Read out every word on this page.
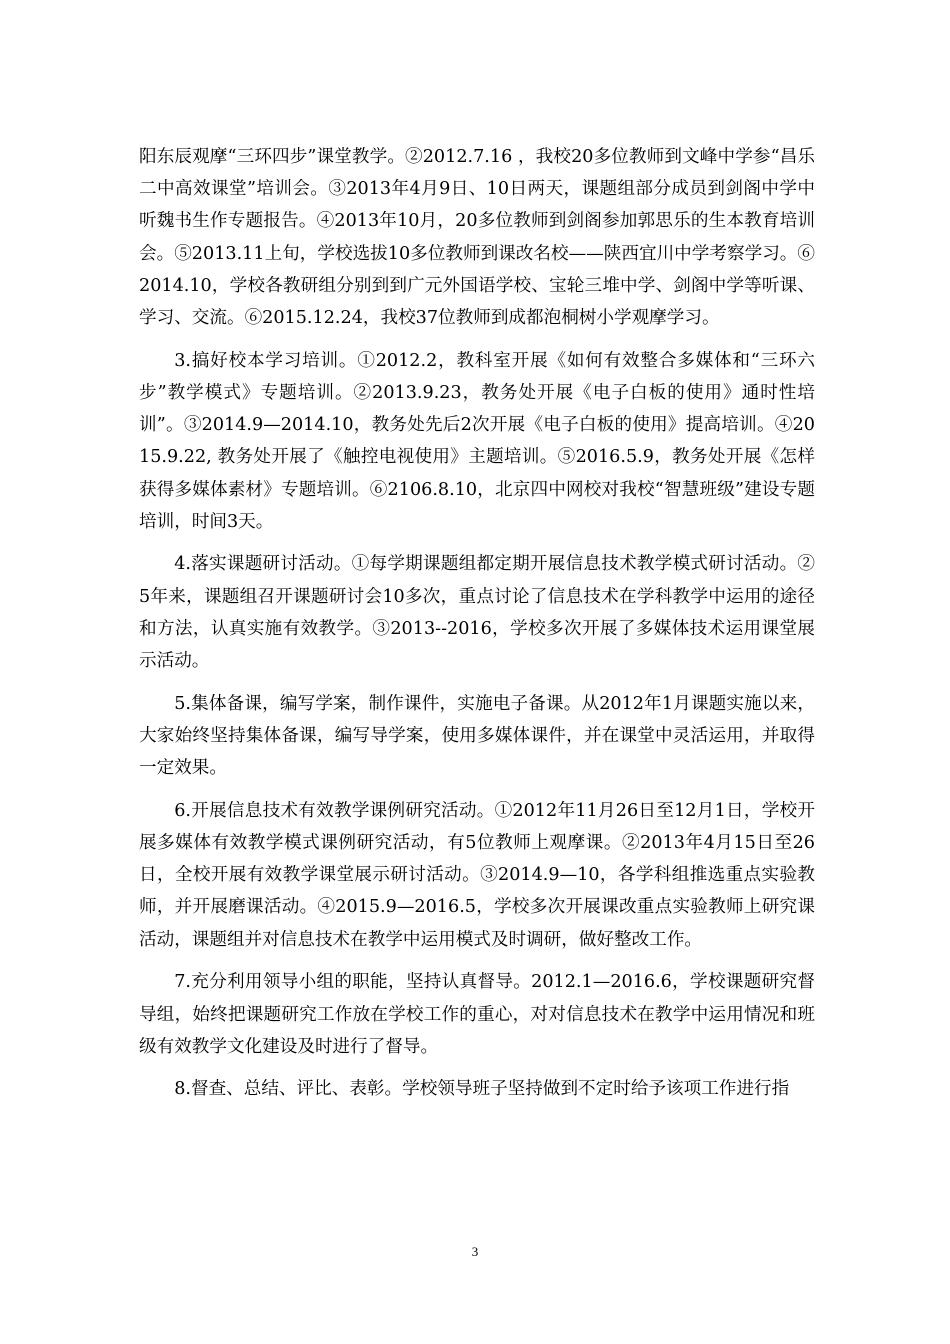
阳东辰观摩“三环四步”课堂教学。②2012.7.16 ，我校20多位教师到文峰中学参“昌乐二中高效课堂”培训会。③2013年4月9日、10日两天，课题组部分成员到剑阁中学中听魏书生作专题报告。④2013年10月，20多位教师到剑阁参加郭思乐的生本教育培训会。⑤2013.11上旬，学校选拔10多位教师到课改名校——陕西宜川中学考察学习。⑥2014.10，学校各教研组分别到到广元外国语学校、宝轮三堆中学、剑阁中学等听课、学习、交流。⑥2015.12.24，我校37位教师到成都泡桐树小学观摩学习。

3.搞好校本学习培训。①2012.2，教科室开展《如何有效整合多媒体和“三环六步”教学模式》专题培训。②2013.9.23，教务处开展《电子白板的使用》通时性培训”。③2014.9—2014.10，教务处先后2次开展《电子白板的使用》提高培训。④2015.9.22, 教务处开展了《触控电视使用》主题培训。⑤2016.5.9，教务处开展《怎样获得多媒体素材》专题培训。⑥2106.8.10，北京四中网校对我校“智慧班级”建设专题培训，时间3天。

4.落实课题研讨活动。①每学期课题组都定期开展信息技术教学模式研讨活动。②5年来，课题组召开课题研讨会10多次，重点讨论了信息技术在学科教学中运用的途径和方法，认真实施有效教学。③2013--2016，学校多次开展了多媒体技术运用课堂展示活动。

5.集体备课，编写学案，制作课件，实施电子备课。从2012年1月课题实施以来，大家始终坚持集体备课，编写导学案，使用多媒体课件，并在课堂中灵活运用，并取得一定效果。

6.开展信息技术有效教学课例研究活动。①2012年11月26日至12月1日，学校开展多媒体有效教学模式课例研究活动，有5位教师上观摩课。②2013年4月15日至26日，全校开展有效教学课堂展示研讨活动。③2014.9—10，各学科组推选重点实验教师，并开展磨课活动。④2015.9—2016.5，学校多次开展课改重点实验教师上研究课活动，课题组并对信息技术在教学中运用模式及时调研，做好整改工作。

7.充分利用领导小组的职能，坚持认真督导。2012.1—2016.6，学校课题研究督导组，始终把课题研究工作放在学校工作的重心，对对信息技术在教学中运用情况和班级有效教学文化建设及时进行了督导。

8.督查、总结、评比、表彰。学校领导班子坚持做到不定时给予该项工作进行指

3
